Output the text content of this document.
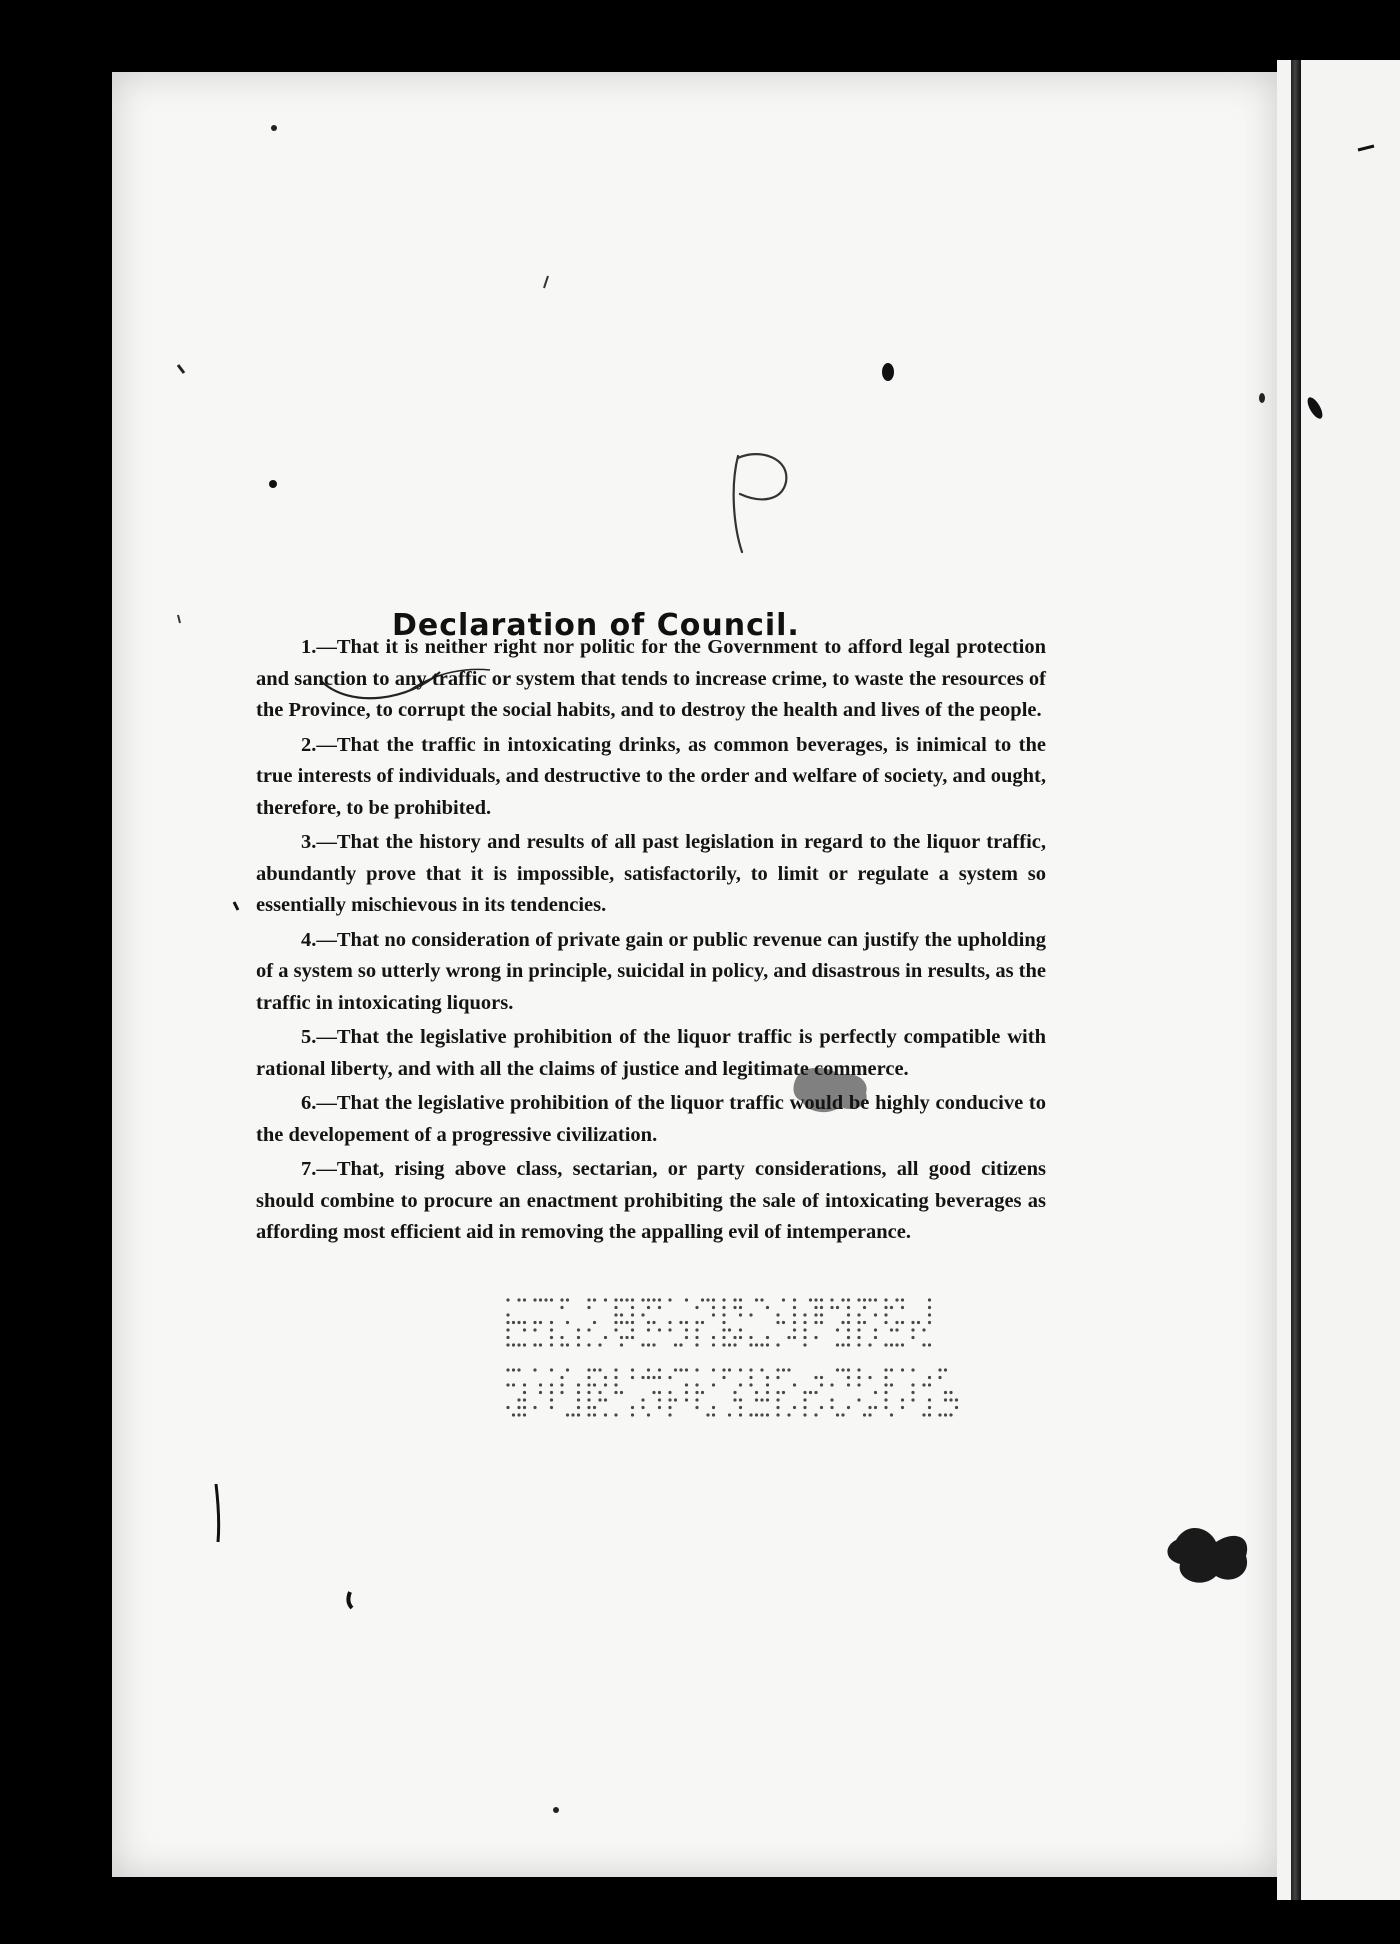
Declaration of Council.

1.—That it is neither right nor politic for the Government to afford legal protection and sanction to any traffic or system that tends to increase crime, to waste the resources of the Province, to corrupt the social habits, and to destroy the health and lives of the people.

2.—That the traffic in intoxicating drinks, as common beverages, is inimical to the true interests of individuals, and destructive to the order and welfare of society, and ought, therefore, to be prohibited.

3.—That the history and results of all past legislation in regard to the liquor traffic, abundantly prove that it is impossible, satisfactorily, to limit or regulate a system so essentially mischievous in its tendencies.

4.—That no consideration of private gain or public revenue can justify the upholding of a system so utterly wrong in principle, suicidal in policy, and disastrous in results, as the traffic in intoxicating liquors.

5.—That the legislative prohibition of the liquor traffic is perfectly compatible with rational liberty, and with all the claims of justice and legitimate commerce.

6.—That the legislative prohibition of the liquor traffic would be highly conducive to the developement of a progressive civilization.

7.—That, rising above class, sectarian, or party considerations, all good citizens should combine to procure an enactment prohibiting the sale of intoxicating beverages as affording most efficient aid in removing the appalling evil of intemperance.
